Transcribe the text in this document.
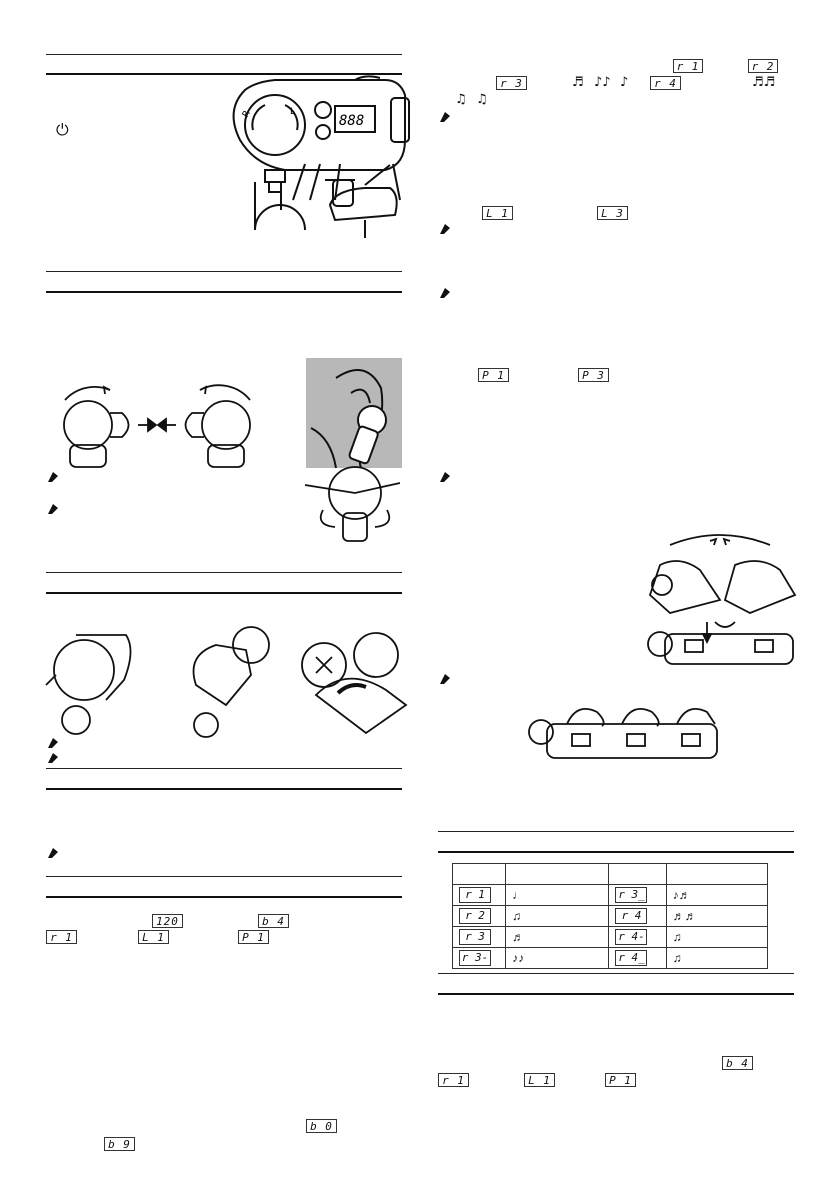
⏻
R	L
888
120	b 4
r 1	L 1	P 1
b 0
b 9
r 1	r 2
r 3	♬ ♪♪ ♪	r 4	♬♬
♫ ♫
L 1	L 3
P 1	P 3

r 1	♩	r 3_	♪♬
r 2	♫	r 4	♬♬
r 3	♬	r 4-	♫
r 3-	♪♪	r 4_	♫
b 4
r 1	L 1	P 1
